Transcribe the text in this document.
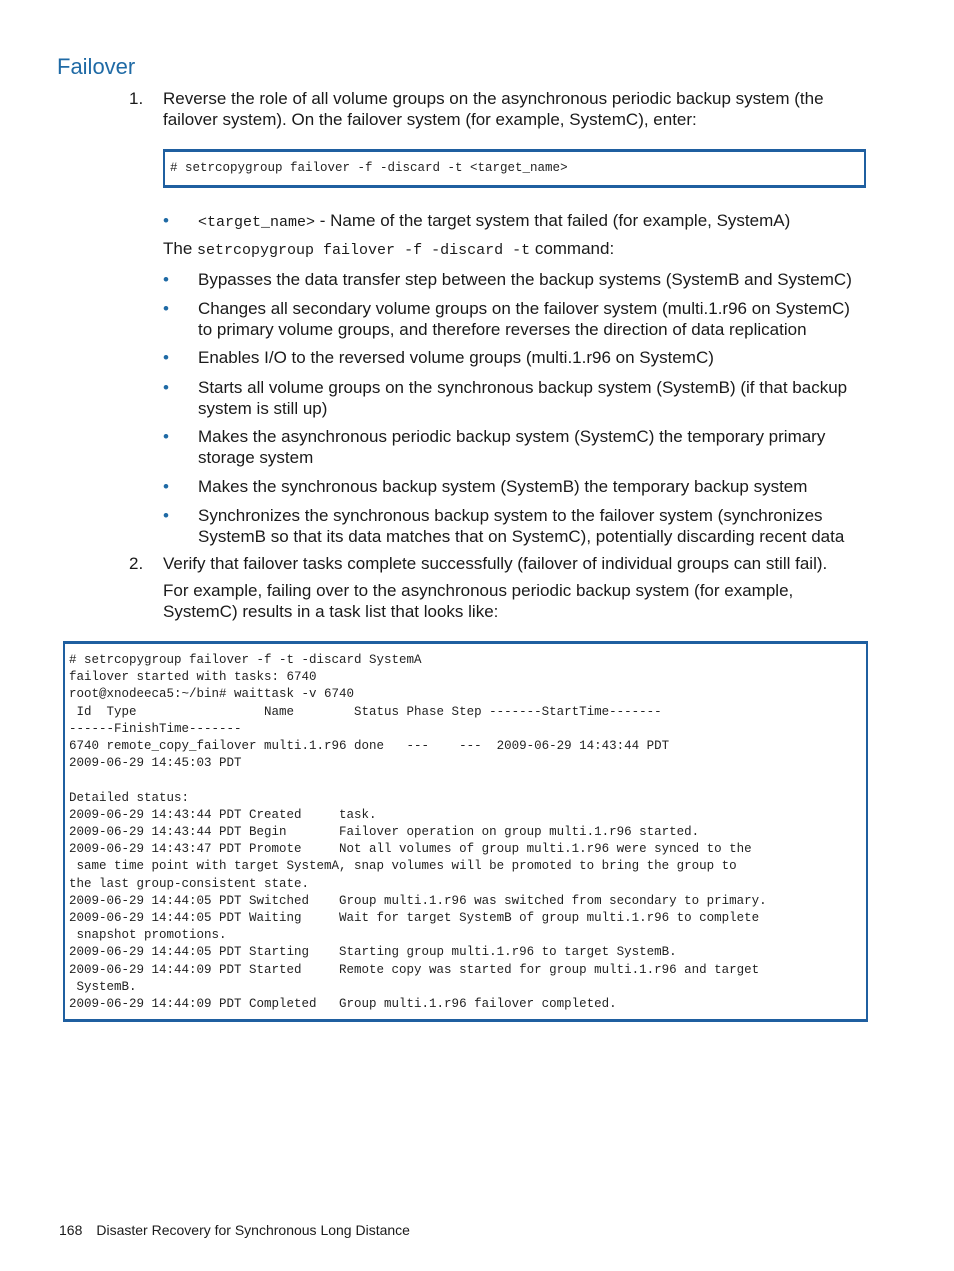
Failover
1. Reverse the role of all volume groups on the asynchronous periodic backup system (the failover system). On the failover system (for example, SystemC), enter:
# setrcopygroup failover -f -discard -t <target_name>
• <target_name> - Name of the target system that failed (for example, SystemA)
The setrcopygroup failover -f -discard -t command:
• Bypasses the data transfer step between the backup systems (SystemB and SystemC)
• Changes all secondary volume groups on the failover system (multi.1.r96 on SystemC) to primary volume groups, and therefore reverses the direction of data replication
• Enables I/O to the reversed volume groups (multi.1.r96 on SystemC)
• Starts all volume groups on the synchronous backup system (SystemB) (if that backup system is still up)
• Makes the asynchronous periodic backup system (SystemC) the temporary primary storage system
• Makes the synchronous backup system (SystemB) the temporary backup system
• Synchronizes the synchronous backup system to the failover system (synchronizes SystemB so that its data matches that on SystemC), potentially discarding recent data
2. Verify that failover tasks complete successfully (failover of individual groups can still fail).
For example, failing over to the asynchronous periodic backup system (for example, SystemC) results in a task list that looks like:
# setrcopygroup failover -f -t -discard SystemA
failover started with tasks: 6740
root@xnodeeca5:~/bin# waittask -v 6740
Id  Type                 Name        Status Phase Step -------StartTime-------
------FinishTime-------
6740 remote_copy_failover multi.1.r96 done   ---    ---  2009-06-29 14:43:44 PDT
2009-06-29 14:45:03 PDT

Detailed status:
2009-06-29 14:43:44 PDT Created     task.
2009-06-29 14:43:44 PDT Begin       Failover operation on group multi.1.r96 started.
2009-06-29 14:43:47 PDT Promote     Not all volumes of group multi.1.r96 were synced to the
same time point with target SystemA, snap volumes will be promoted to bring the group to
the last group-consistent state.
2009-06-29 14:44:05 PDT Switched    Group multi.1.r96 was switched from secondary to primary.
2009-06-29 14:44:05 PDT Waiting     Wait for target SystemB of group multi.1.r96 to complete
snapshot promotions.
2009-06-29 14:44:05 PDT Starting    Starting group multi.1.r96 to target SystemB.
2009-06-29 14:44:09 PDT Started     Remote copy was started for group multi.1.r96 and target
SystemB.
2009-06-29 14:44:09 PDT Completed   Group multi.1.r96 failover completed.
168 Disaster Recovery for Synchronous Long Distance
